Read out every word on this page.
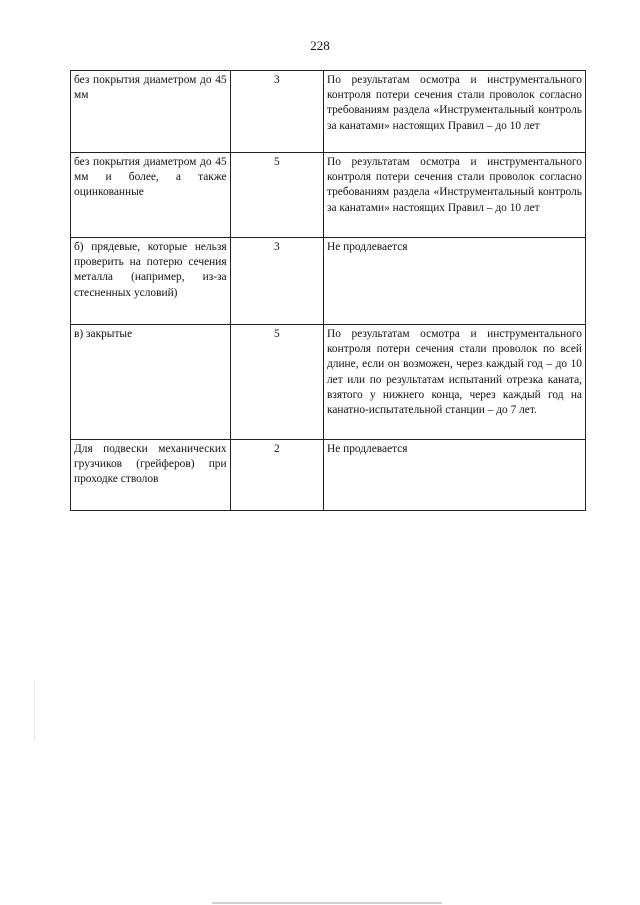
228
без покрытия диаметром до 45 мм	3	По результатам осмотра и инструментального контроля потери сечения стали проволок согласно требованиям раздела «Инструментальный контроль за канатами» настоящих Правил – до 10 лет
без покрытия диаметром до 45 мм и более, а также оцинкованные	5	По результатам осмотра и инструментального контроля потери сечения стали проволок согласно требованиям раздела «Инструментальный контроль за канатами» настоящих Правил – до 10 лет
б) прядевые, которые нельзя проверить на потерю сечения металла (например, из-за стесненных условий)	3	Не продлевается
в) закрытые	5	По результатам осмотра и инструментального контроля потери сечения стали проволок по всей длине, если он возможен, через каждый год – до 10 лет или по результатам испытаний отрезка каната, взятого у нижнего конца, через каждый год на канатно-испытательной станции – до 7 лет.
Для подвески механических грузчиков (грейферов) при проходке стволов	2	Не продлевается
